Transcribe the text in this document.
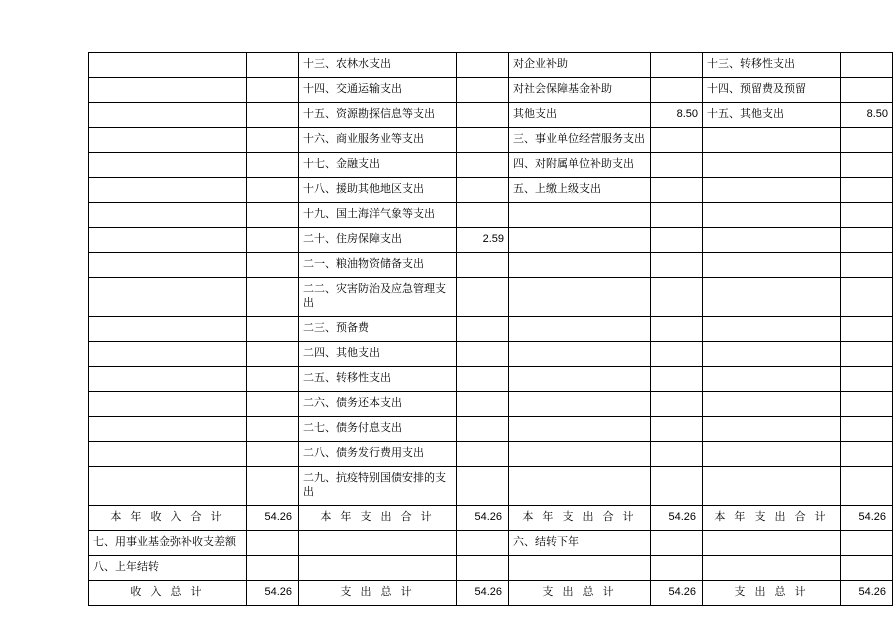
		十三、农林水支出		对企业补助		十三、转移性支出	
		十四、交通运输支出		对社会保障基金补助		十四、预留费及预留	
		十五、资源勘探信息等支出		其他支出	8.50	十五、其他支出	8.50
		十六、商业服务业等支出		三、事业单位经营服务支出			
		十七、金融支出		四、对附属单位补助支出			
		十八、援助其他地区支出		五、上缴上级支出			
		十九、国土海洋气象等支出					
		二十、住房保障支出	2.59				
		二一、粮油物资储备支出					
		二二、灾害防治及应急管理支出					
		二三、预备费					
		二四、其他支出					
		二五、转移性支出					
		二六、债务还本支出					
		二七、债务付息支出					
		二八、债务发行费用支出					
		二九、抗疫特别国债安排的支出					
本 年 收 入 合 计	54.26	本 年 支 出 合 计	54.26	本 年 支 出 合 计	54.26	本 年 支 出 合 计	54.26
七、用事业基金弥补收支差额				六、结转下年			
八、上年结转							
收 入 总 计	54.26	支 出 总 计	54.26	支 出 总 计	54.26	支 出 总 计	54.26
